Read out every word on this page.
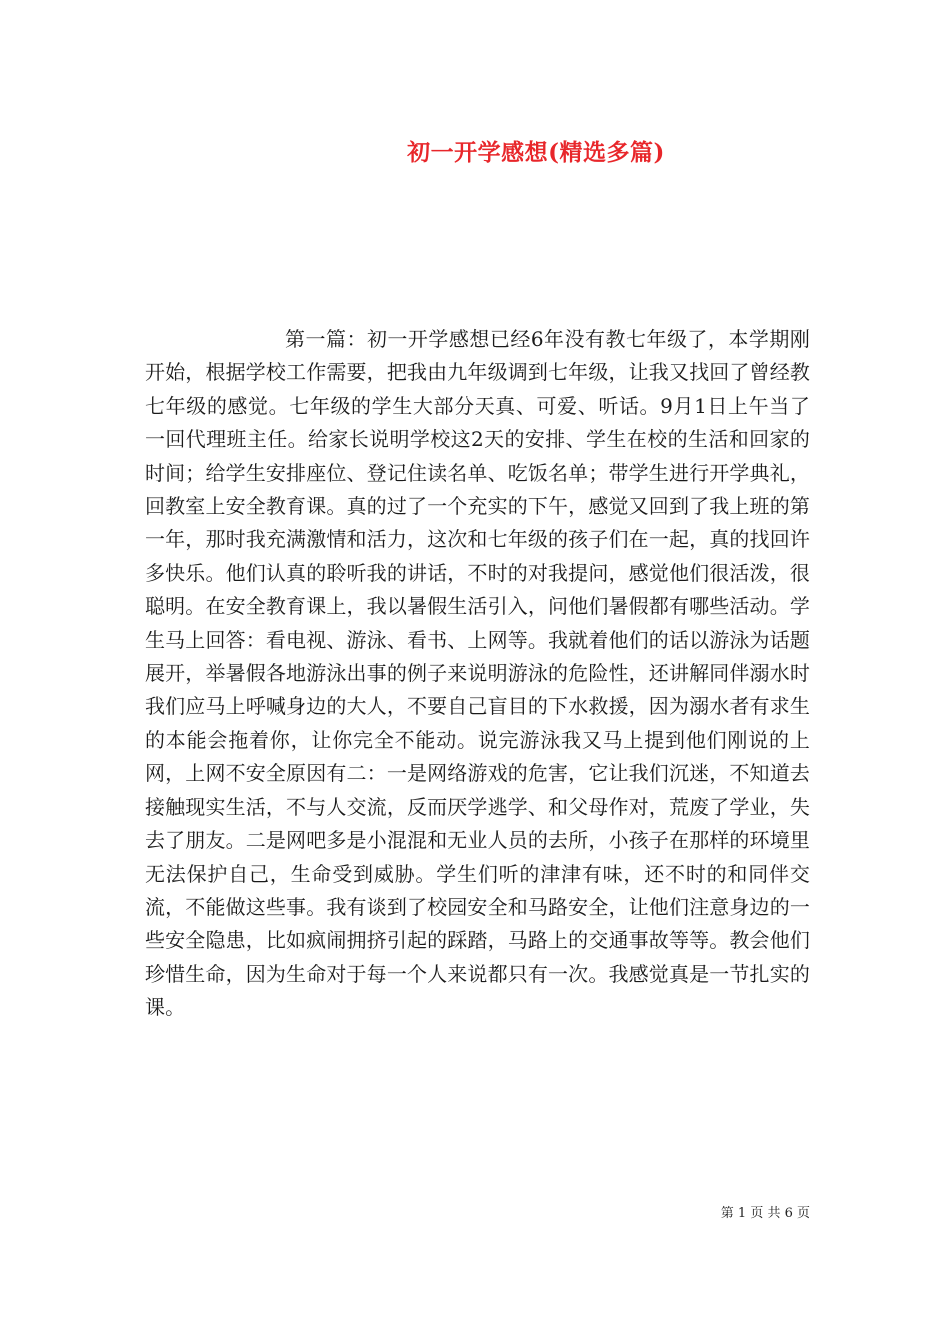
初一开学感想(精选多篇)

第一篇：初一开学感想已经6年没有教七年级了，本学期刚开始，根据学校工作需要，把我由九年级调到七年级，让我又找回了曾经教七年级的感觉。七年级的学生大部分天真、可爱、听话。9月1日上午当了一回代理班主任。给家长说明学校这2天的安排、学生在校的生活和回家的时间；给学生安排座位、登记住读名单、吃饭名单；带学生进行开学典礼，回教室上安全教育课。真的过了一个充实的下午，感觉又回到了我上班的第一年，那时我充满激情和活力，这次和七年级的孩子们在一起，真的找回许多快乐。他们认真的聆听我的讲话，不时的对我提问，感觉他们很活泼，很聪明。在安全教育课上，我以暑假生活引入，问他们暑假都有哪些活动。学生马上回答：看电视、游泳、看书、上网等。我就着他们的话以游泳为话题展开，举暑假各地游泳出事的例子来说明游泳的危险性，还讲解同伴溺水时我们应马上呼喊身边的大人，不要自己盲目的下水救援，因为溺水者有求生的本能会拖着你，让你完全不能动。说完游泳我又马上提到他们刚说的上网，上网不安全原因有二：一是网络游戏的危害，它让我们沉迷，不知道去接触现实生活，不与人交流，反而厌学逃学、和父母作对，荒废了学业，失去了朋友。二是网吧多是小混混和无业人员的去所，小孩子在那样的环境里无法保护自己，生命受到威胁。学生们听的津津有味，还不时的和同伴交流，不能做这些事。我有谈到了校园安全和马路安全，让他们注意身边的一些安全隐患，比如疯闹拥挤引起的踩踏，马路上的交通事故等等。教会他们珍惜生命，因为生命对于每一个人来说都只有一次。我感觉真是一节扎实的课。

第 1 页 共 6 页
